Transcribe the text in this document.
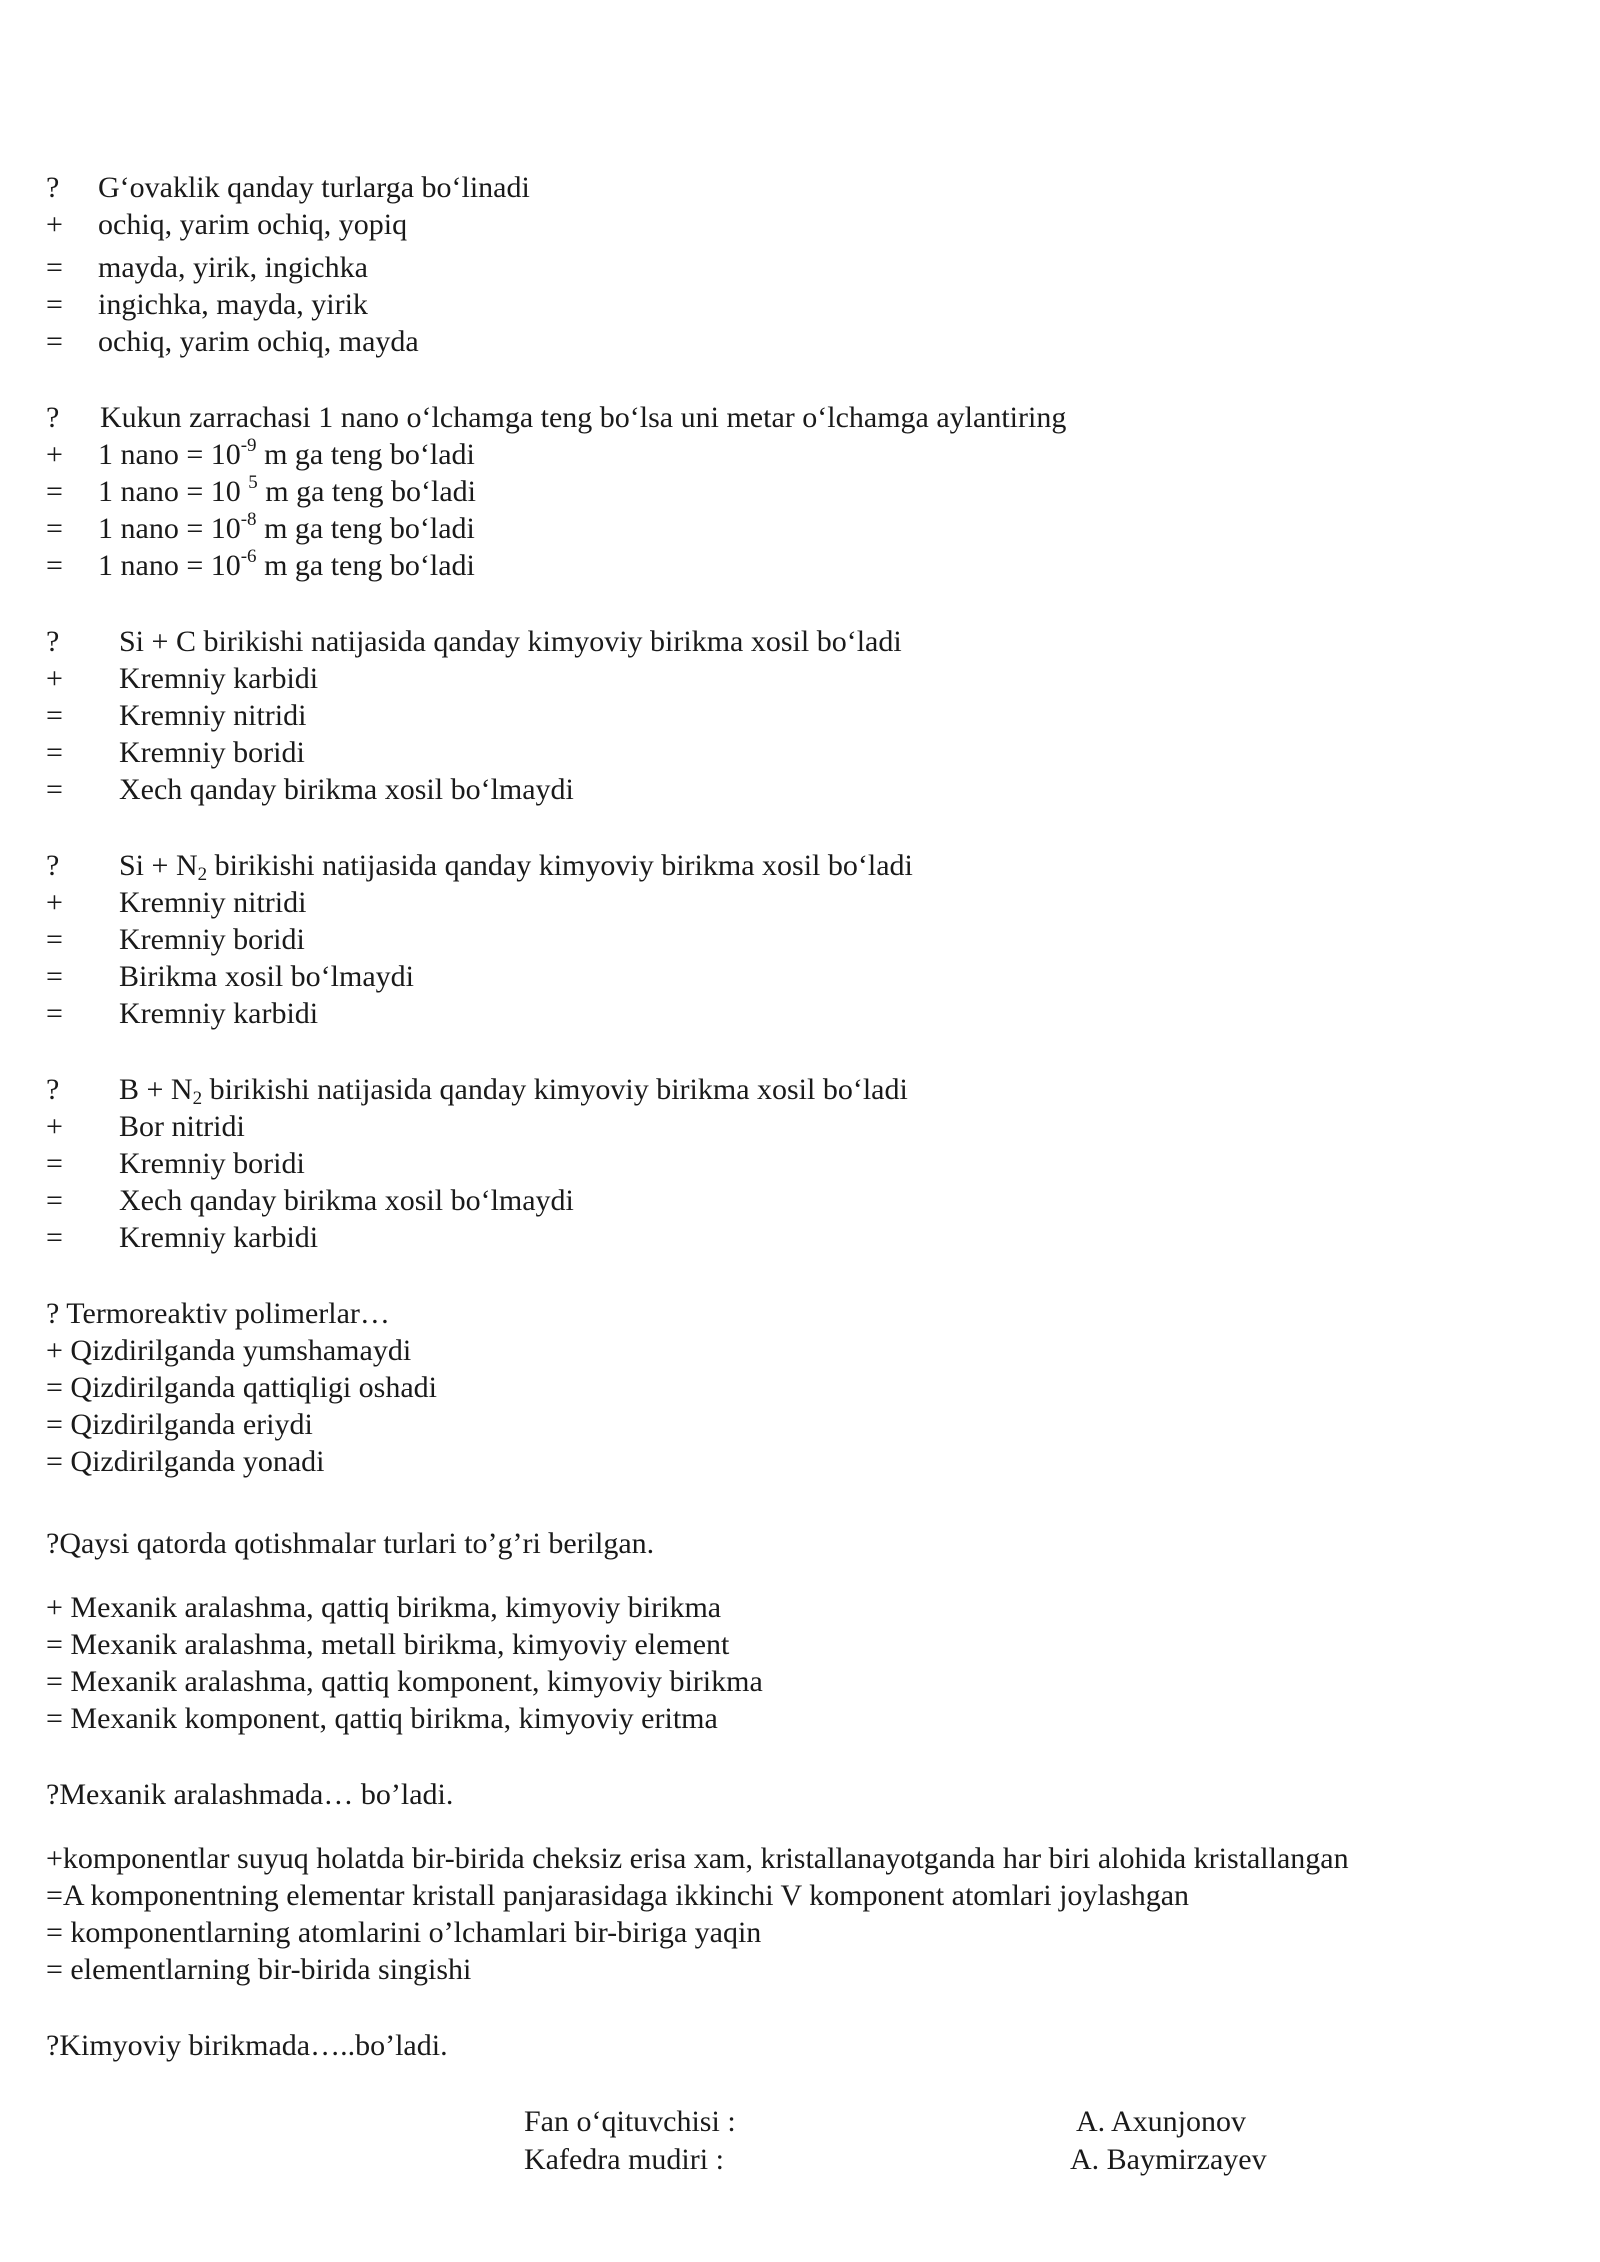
? G‘ovaklik qanday turlarga bo‘linadi
+ ochiq, yarim ochiq, yopiq
= mayda, yirik, ingichka
= ingichka, mayda, yirik
= ochiq, yarim ochiq, mayda
? Kukun zarrachasi 1 nano o‘lchamga teng bo‘lsa uni metar o‘lchamga aylantiring
+ 1 nano = $10^{-9}$ m ga teng bo‘ladi
= 1 nano = 10 $^5$ m ga teng bo‘ladi
= 1 nano = $10^{-8}$ m ga teng bo‘ladi
= 1 nano = $10^{-6}$ m ga teng bo‘ladi
? Si + C birikishi natijasida qanday kimyoviy birikma xosil bo‘ladi
+ Kremniy karbidi
= Kremniy nitridi
= Kremniy boridi
= Xech qanday birikma xosil bo‘lmaydi
? $Si + N_2$ birikishi natijasida qanday kimyoviy birikma xosil bo‘ladi
+ Kremniy nitridi
= Kremniy boridi
= Birikma xosil bo‘lmaydi
= Kremniy karbidi
? $B + N_2$ birikishi natijasida qanday kimyoviy birikma xosil bo‘ladi
+ Bor nitridi
= Kremniy boridi
= Xech qanday birikma xosil bo‘lmaydi
= Kremniy karbidi
? Termoreaktiv polimerlar…
+ Qizdirilganda yumshamaydi
= Qizdirilganda qattiqligi oshadi
= Qizdirilganda eriydi
= Qizdirilganda yonadi
?Qaysi qatorda qotishmalar turlari to’g’ri berilgan.
+ Mexanik aralashma, qattiq birikma, kimyoviy birikma
= Mexanik aralashma, metall birikma, kimyoviy element
= Mexanik aralashma, qattiq komponent, kimyoviy birikma
= Mexanik komponent, qattiq birikma, kimyoviy eritma
?Mexanik aralashmada… bo’ladi.
+komponentlar suyuq holatda bir-birida cheksiz erisa xam, kristallanayotganda har biri alohida kristallangan
=A komponentning elementar kristall panjarasidaga ikkinchi V komponent atomlari joylashgan
= komponentlarning atomlarini o’lchamlari bir-biriga yaqin
= elementlarning bir-birida singishi
?Kimyoviy birikmada…..bo’ladi.
Fan o‘qituvchisi :	A. Axunjonov
Kafedra mudiri :	A. Baymirzayev
